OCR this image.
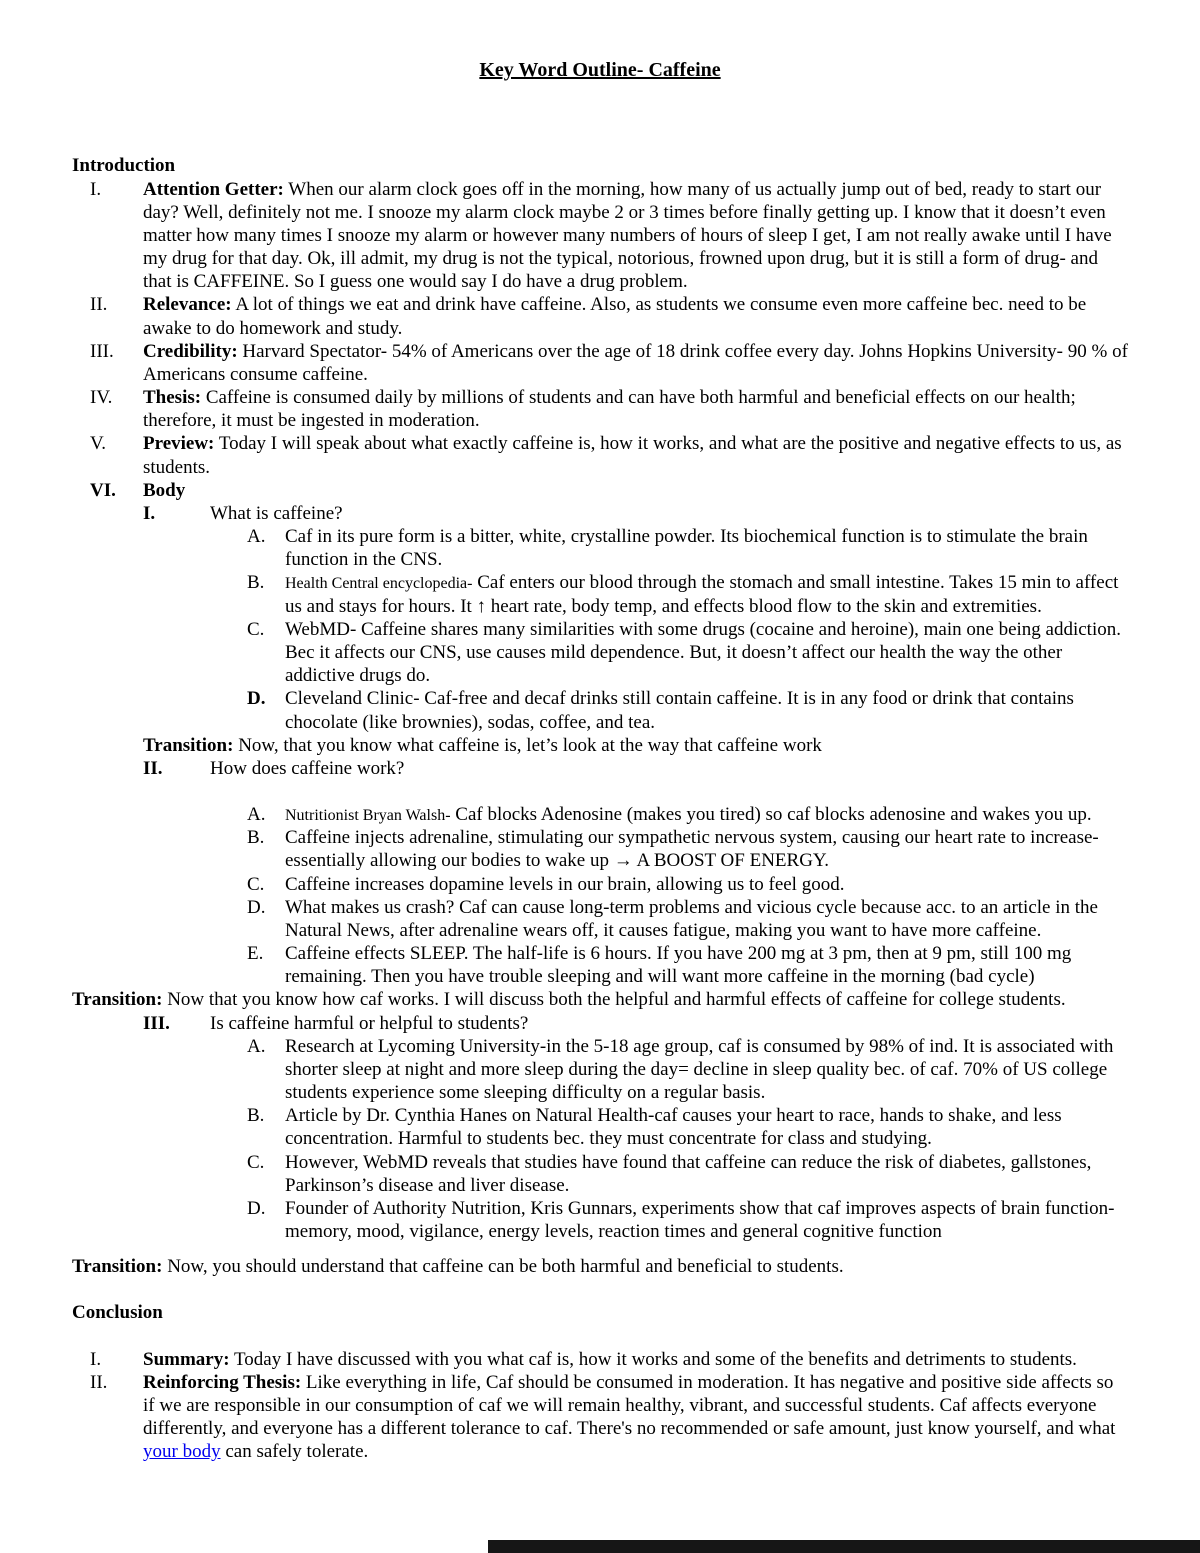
Key Word Outline- Caffeine
Introduction
I.	Attention Getter: When our alarm clock goes off in the morning, how many of us actually jump out of bed, ready to start our day? Well, definitely not me. I snooze my alarm clock maybe 2 or 3 times before finally getting up. I know that it doesn’t even matter how many times I snooze my alarm or however many numbers of hours of sleep I get, I am not really awake until I have my drug for that day. Ok, ill admit, my drug is not the typical, notorious, frowned upon drug, but it is still a form of drug- and that is CAFFEINE. So I guess one would say I do have a drug problem.
II.	Relevance: A lot of things we eat and drink have caffeine. Also, as students we consume even more caffeine bec. need to be awake to do homework and study.
III.	Credibility: Harvard Spectator- 54% of Americans over the age of 18 drink coffee every day. Johns Hopkins University- 90 % of Americans consume caffeine.
IV.	Thesis: Caffeine is consumed daily by millions of students and can have both harmful and beneficial effects on our health; therefore, it must be ingested in moderation.
V.	Preview: Today I will speak about what exactly caffeine is, how it works, and what are the positive and negative effects to us, as students.
VI.	Body
I.	What is caffeine?
A.	Caf in its pure form is a bitter, white, crystalline powder. Its biochemical function is to stimulate the brain function in the CNS.
B.	Health Central encyclopedia- Caf enters our blood through the stomach and small intestine. Takes 15 min to affect us and stays for hours. It ↑ heart rate, body temp, and effects blood flow to the skin and extremities.
C.	WebMD- Caffeine shares many similarities with some drugs (cocaine and heroine), main one being addiction. Bec it affects our CNS, use causes mild dependence. But, it doesn’t affect our health the way the other addictive drugs do.
D.	Cleveland Clinic- Caf-free and decaf drinks still contain caffeine. It is in any food or drink that contains chocolate (like brownies), sodas, coffee, and tea.
Transition: Now, that you know what caffeine is, let’s look at the way that caffeine work
II.	How does caffeine work?
A.	Nutritionist Bryan Walsh- Caf blocks Adenosine (makes you tired) so caf blocks adenosine and wakes you up.
B.	Caffeine injects adrenaline, stimulating our sympathetic nervous system, causing our heart rate to increase- essentially allowing our bodies to wake up → A BOOST OF ENERGY.
C.	Caffeine increases dopamine levels in our brain, allowing us to feel good.
D.	What makes us crash? Caf can cause long-term problems and vicious cycle because acc. to an article in the Natural News, after adrenaline wears off, it causes fatigue, making you want to have more caffeine.
E.	Caffeine effects SLEEP. The half-life is 6 hours. If you have 200 mg at 3 pm, then at 9 pm, still 100 mg remaining. Then you have trouble sleeping and will want more caffeine in the morning (bad cycle)
Transition: Now that you know how caf works. I will discuss both the helpful and harmful effects of caffeine for college students.
III.	Is caffeine harmful or helpful to students?
A.	Research at Lycoming University-in the 5-18 age group, caf is consumed by 98% of ind. It is associated with shorter sleep at night and more sleep during the day= decline in sleep quality bec. of caf. 70% of US college students experience some sleeping difficulty on a regular basis.
B.	Article by Dr. Cynthia Hanes on Natural Health-caf causes your heart to race, hands to shake, and less concentration. Harmful to students bec. they must concentrate for class and studying.
C.	However, WebMD reveals that studies have found that caffeine can reduce the risk of diabetes, gallstones, Parkinson’s disease and liver disease.
D.	Founder of Authority Nutrition, Kris Gunnars, experiments show that caf improves aspects of brain function- memory, mood, vigilance, energy levels, reaction times and general cognitive function
Transition: Now, you should understand that caffeine can be both harmful and beneficial to students.
Conclusion
I.	Summary: Today I have discussed with you what caf is, how it works and some of the benefits and detriments to students.
II.	Reinforcing Thesis: Like everything in life, Caf should be consumed in moderation. It has negative and positive side affects so if we are responsible in our consumption of caf we will remain healthy, vibrant, and successful students. Caf affects everyone differently, and everyone has a different tolerance to caf. There's no recommended or safe amount, just know yourself, and what your body can safely tolerate.
